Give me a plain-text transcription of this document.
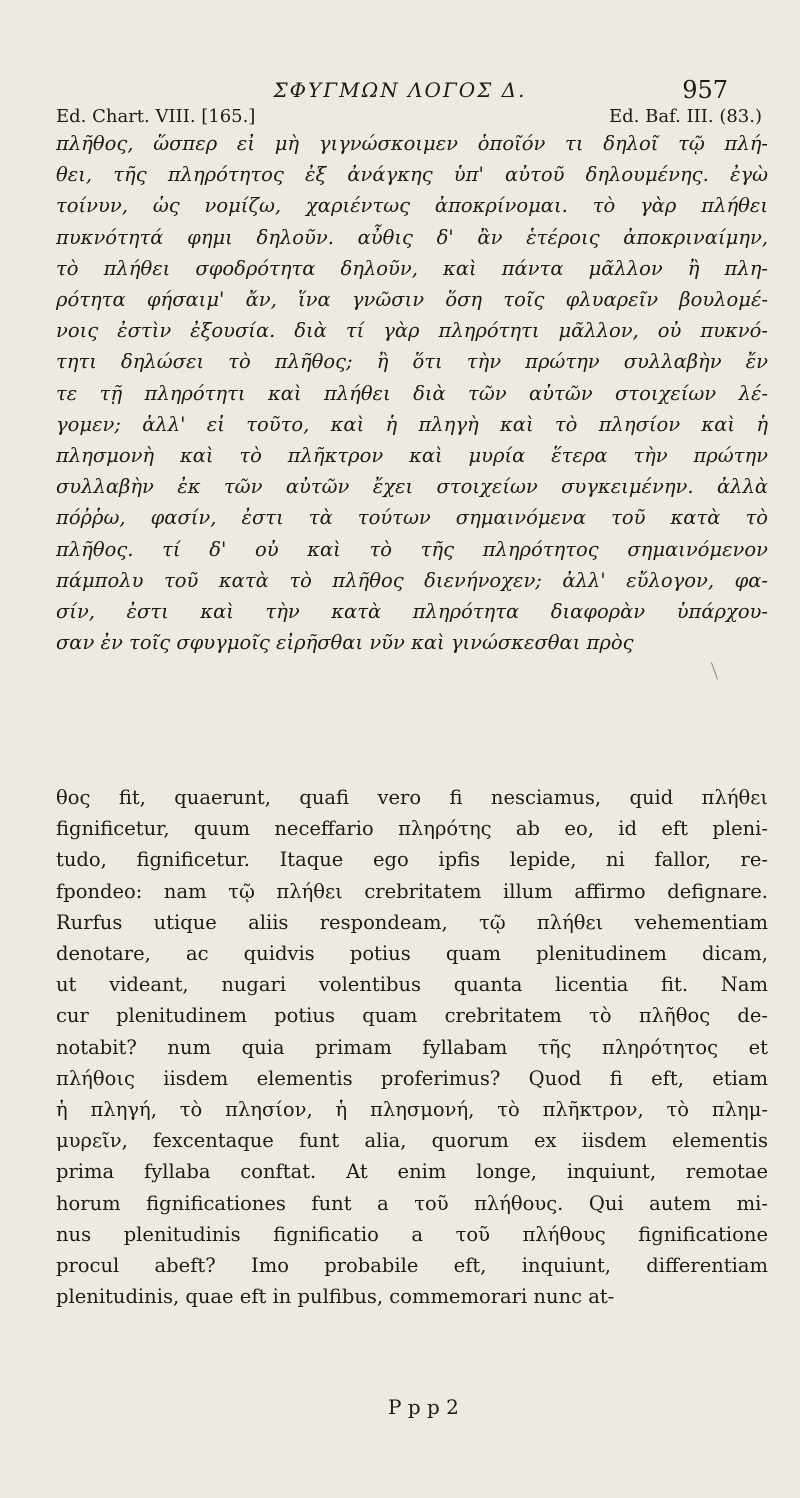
ΣΦΥΓΜΩΝ ΛΟΓΟΣ Δ.	957
Ed. Chart. VIII. [165.]	Ed. Baf. III. (83.)
πλῆθος, ὥσπερ εἰ μὴ γιγνώσκοιμεν ὁποῖόν τι δηλοῖ τῷ πλή-
θει, τῆς πληρότητος ἐξ ἀνάγκης ὑπ' αὐτοῦ δηλουμένης. ἐγὼ
τοίνυν, ὡς νομίζω, χαριέντως ἀποκρίνομαι. τὸ γὰρ πλήθει
πυκνότητά φημι δηλοῦν. αὖθις δ' ἂν ἑτέροις ἀποκριναίμην,
τὸ πλήθει σφοδρότητα δηλοῦν, καὶ πάντα μᾶλλον ἢ πλη-
ρότητα φήσαιμ' ἄν, ἵνα γνῶσιν ὅση τοῖς φλυαρεῖν βουλομέ-
νοις ἐστὶν ἐξουσία. διὰ τί γὰρ πληρότητι μᾶλλον, οὐ πυκνό-
τητι δηλώσει τὸ πλῆθος; ἢ ὅτι τὴν πρώτην συλλαβὴν ἔν
τε τῇ πληρότητι καὶ πλήθει διὰ τῶν αὐτῶν στοιχείων λέ-
γομεν; ἀλλ' εἰ τοῦτο, καὶ ἡ πληγὴ καὶ τὸ πλησίον καὶ ἡ
πλησμονὴ καὶ τὸ πλῆκτρον καὶ μυρία ἕτερα τὴν πρώτην
συλλαβὴν ἐκ τῶν αὐτῶν ἔχει στοιχείων συγκειμένην. ἀλλὰ
πόῤῥω, φασίν, ἐστι τὰ τούτων σημαινόμενα τοῦ κατὰ τὸ
πλῆθος. τί δ' οὐ καὶ τὸ τῆς πληρότητος σημαινόμενον
πάμπολυ τοῦ κατὰ τὸ πλῆθος διενήνοχεν; ἀλλ' εὔλογον, φα-
σίν, ἐστι καὶ τὴν κατὰ πληρότητα διαφορὰν ὑπάρχου-
σαν ἐν τοῖς σφυγμοῖς εἰρῆσθαι νῦν καὶ γινώσκεσθαι πρὸς
θος fit, quaerunt, quafi vero fi nesciamus, quid πλήθει
fignificetur, quum neceffario πληρότης ab eo, id eft pleni-
tudo, fignificetur. Itaque ego ipfis lepide, ni fallor, re-
fpondeo: nam τῷ πλήθει crebritatem illum affirmo defignare.
Rurfus utique aliis respondeam, τῷ πλήθει vehementiam
denotare, ac quidvis potius quam plenitudinem dicam,
ut videant, nugari volentibus quanta licentia fit. Nam
cur plenitudinem potius quam crebritatem τὸ πλῆθος de-
notabit? num quia primam fyllabam τῆς πληρότητος et
πλήθοις iisdem elementis proferimus? Quod fi eft, etiam
ἡ πληγή, τὸ πλησίον, ἡ πλησμονή, τὸ πλῆκτρον, τὸ πλημ-
μυρεῖν, fexcentaque funt alia, quorum ex iisdem elementis
prima fyllaba conftat. At enim longe, inquiunt, remotae
horum fignificationes funt a τοῦ πλήθους. Qui autem mi-
nus plenitudinis fignificatio a τοῦ πλήθους fignificatione
procul abeft? Imo probabile eft, inquiunt, differentiam
plenitudinis, quae eft in pulfibus, commemorari nunc at-
P p p 2
